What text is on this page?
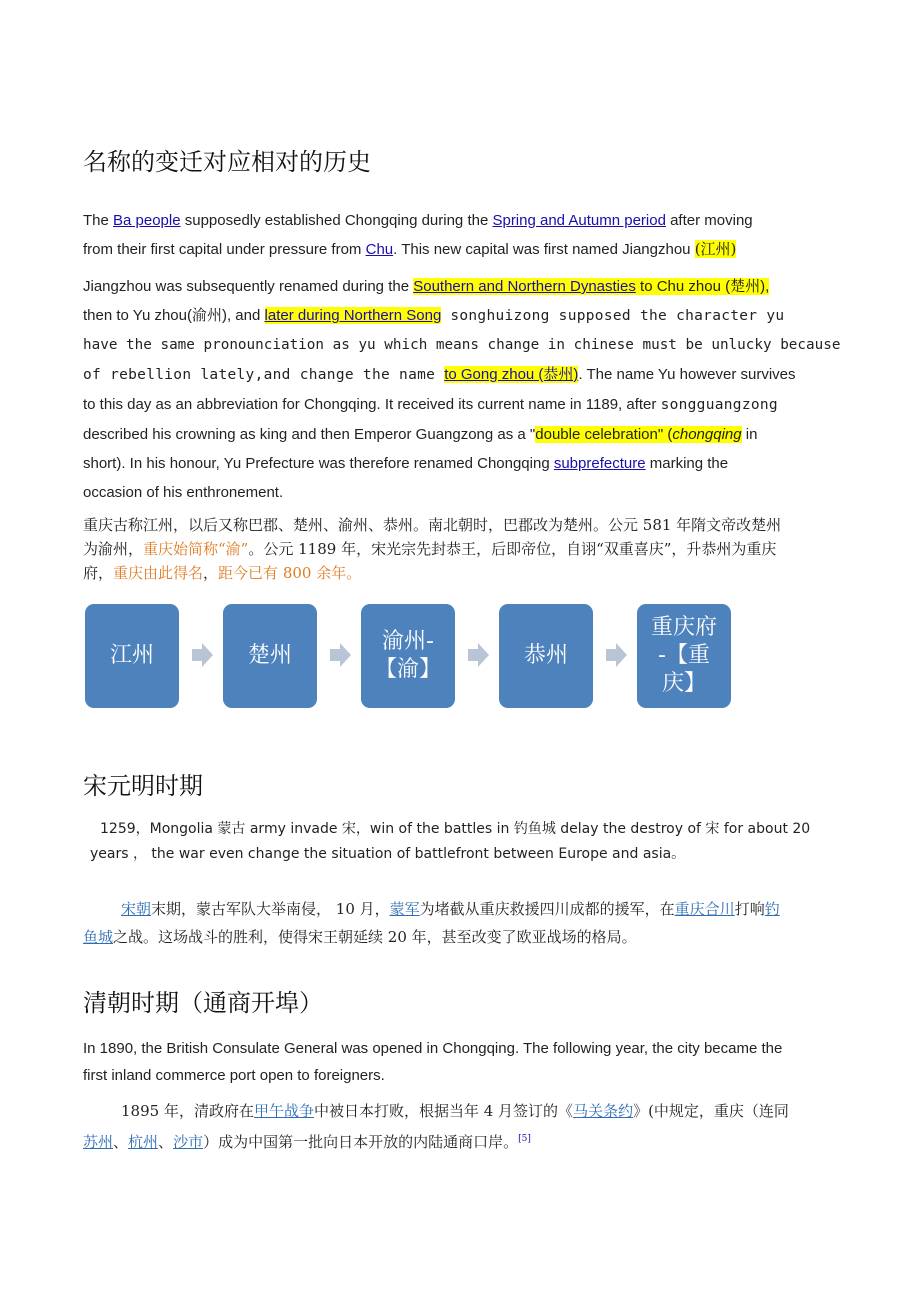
名称的变迁对应相对的历史
The Ba people supposedly established Chongqing during the Spring and Autumn period after moving
from their first capital under pressure from Chu. This new capital was first named Jiangzhou (江州)
Jiangzhou was subsequently renamed during the Southern and Northern Dynasties to Chu zhou (楚州),
then to Yu zhou(渝州), and later during Northern Song songhuizong supposed the character yu
have the same pronounciation as yu which means change in chinese must be unlucky because
of rebellion lately,and change the name to Gong zhou (恭州). The name Yu however survives
to this day as an abbreviation for Chongqing. It received its current name in 1189, after songguangzong
described his crowning as king and then Emperor Guangzong as a "double celebration" (chongqing in
short). In his honour, Yu Prefecture was therefore renamed Chongqing subprefecture marking the
occasion of his enthronement.
重庆古称江州，以后又称巴郡、楚州、渝州、恭州。南北朝时，巴郡改为楚州。公元 581 年隋文帝改楚州
为渝州，重庆始简称“渝”。公元 1189 年，宋光宗先封恭王，后即帝位，自诩“双重喜庆”，升恭州为重庆
府，重庆由此得名，距今已有 800 余年。
江州	楚州
渝州-
【渝】
恭州
重庆府
-【重
庆】
宋元明时期
1259，Mongolia 蒙古 army invade 宋，win of the battles in 钓鱼城 delay the destroy of 宋 for about 20
years ， the war even change the situation of battlefront between Europe and asia。
宋朝末期，蒙古军队大举南侵， 10 月，蒙军为堵截从重庆救援四川成都的援军，在重庆合川打响钓
鱼城之战。这场战斗的胜利，使得宋王朝延续 20 年，甚至改变了欧亚战场的格局。
清朝时期（通商开埠）
In 1890, the British Consulate General was opened in Chongqing. The following year, the city became the
first inland commerce port open to foreigners.
1895 年，清政府在甲午战争中被日本打败，根据当年 4 月签订的《马关条约》(中规定，重庆（连同
苏州、杭州、沙市）成为中国第一批向日本开放的内陆通商口岸。[5]
